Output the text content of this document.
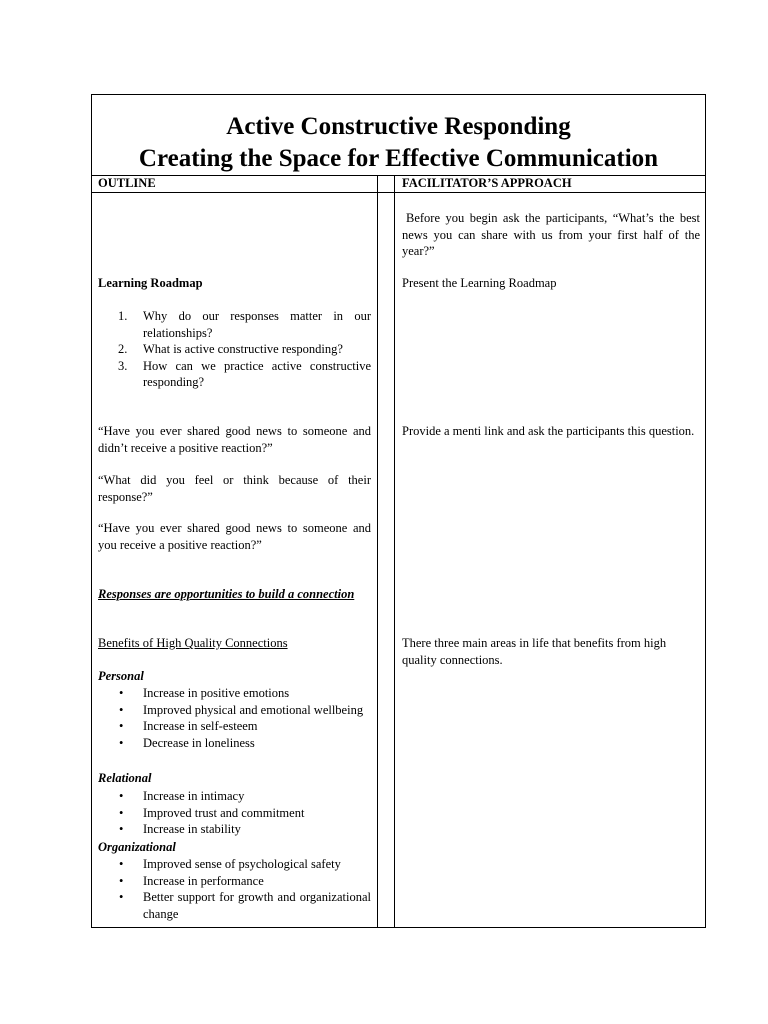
Active Constructive Responding
Creating the Space for Effective Communication
OUTLINE	FACILITATOR’S APPROACH
Learning Roadmap
1. Why do our responses matter in our relationships?
2. What is active constructive responding?
3. How can we practice active constructive responding?
“Have you ever shared good news to someone and didn’t receive a positive reaction?”
“What did you feel or think because of their response?”
“Have you ever shared good news to someone and you receive a positive reaction?”
Responses are opportunities to build a connection
Benefits of High Quality Connections
Personal
• Increase in positive emotions
• Improved physical and emotional wellbeing
• Increase in self-esteem
• Decrease in loneliness
Relational
• Increase in intimacy
• Improved trust and commitment
• Increase in stability
Organizational
• Improved sense of psychological safety
• Increase in performance
• Better support for growth and organizational change
Before you begin ask the participants, “What’s the best news you can share with us from your first half of the year?”
Present the Learning Roadmap
Provide a menti link and ask the participants this question.
There three main areas in life that benefits from high quality connections.
